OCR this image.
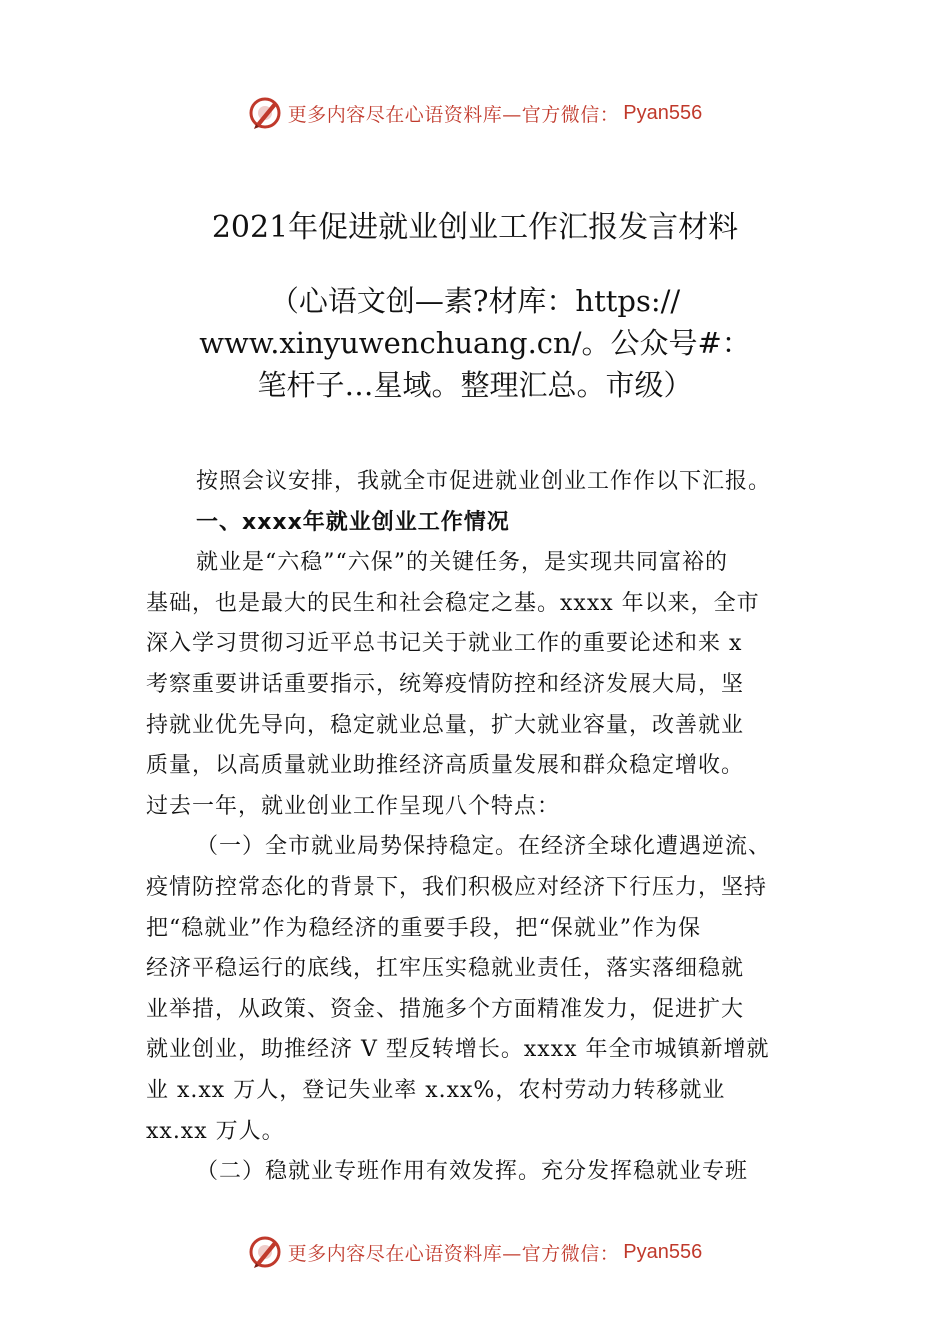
更多内容尽在心语资料库—官方微信： Pyan556
2021年促进就业创业工作汇报发言材料
（心语文创—素?材库：https://
www.xinyuwenchuang.cn/。公众号#：
笔杆子…星域。整理汇总。市级）
按照会议安排，我就全市促进就业创业工作作以下汇报。
一、xxxx年就业创业工作情况
就业是“六稳”“六保”的关键任务，是实现共同富裕的
基础，也是最大的民生和社会稳定之基。xxxx 年以来，全市
深入学习贯彻习近平总书记关于就业工作的重要论述和来 x
考察重要讲话重要指示，统筹疫情防控和经济发展大局，坚
持就业优先导向，稳定就业总量，扩大就业容量，改善就业
质量，以高质量就业助推经济高质量发展和群众稳定增收。
过去一年，就业创业工作呈现八个特点：
（一）全市就业局势保持稳定。在经济全球化遭遇逆流、
疫情防控常态化的背景下，我们积极应对经济下行压力，坚持
把“稳就业”作为稳经济的重要手段，把“保就业”作为保
经济平稳运行的底线，扛牢压实稳就业责任，落实落细稳就
业举措，从政策、资金、措施多个方面精准发力，促进扩大
就业创业，助推经济 V 型反转增长。xxxx 年全市城镇新增就
业 x.xx 万人，登记失业率 x.xx%，农村劳动力转移就业
xx.xx 万人。
（二）稳就业专班作用有效发挥。充分发挥稳就业专班
更多内容尽在心语资料库—官方微信： Pyan556
